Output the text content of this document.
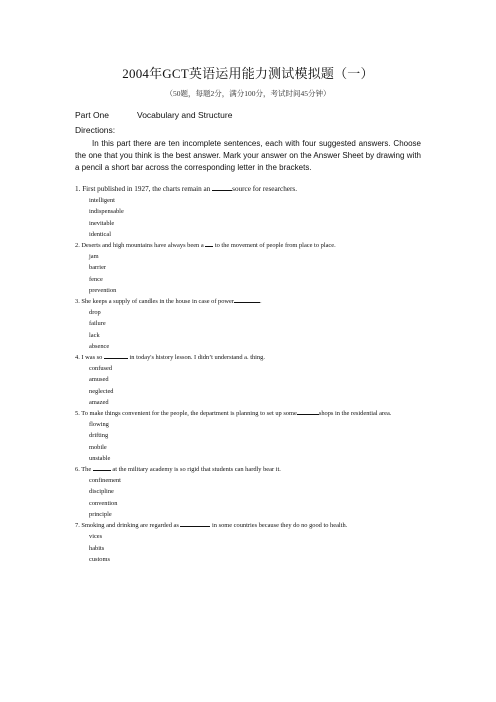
2004年GCT英语运用能力测试模拟题（一）
（50题，每题2分，满分100分，考试时间45分钟）
Part One	Vocabulary and Structure
Directions:
In this part there are ten incomplete sentences, each with four suggested answers. Choose the one that you think is the best answer. Mark your answer on the Answer Sheet by drawing with a pencil a short bar across the corresponding letter in the brackets.
1. First published in 1927, the charts remain an	source for researchers.
intelligent
indispensable
inevitable
identical
2. Deserts and high mountains have always been a  to the movement of people from place to place.
jam
barrier
fence
prevention
3. She keeps a supply of candles in the house in case of power	.
drop
failure
lack
absence
4. I was so	in today's history lesson. I didn’t understand a. thing.
confused
amused
neglected
amazed
5. To make things convenient for the people, the department is planning to set up some	shops in the residential area.
flowing
drifting
mobile
unstable
6. The	at the military academy is so rigid that students can hardly bear it.
confinement
discipline
convention
principle
7. Smoking and drinking are regarded as	in some countries because they do no good to health.
vices
habits
customs
